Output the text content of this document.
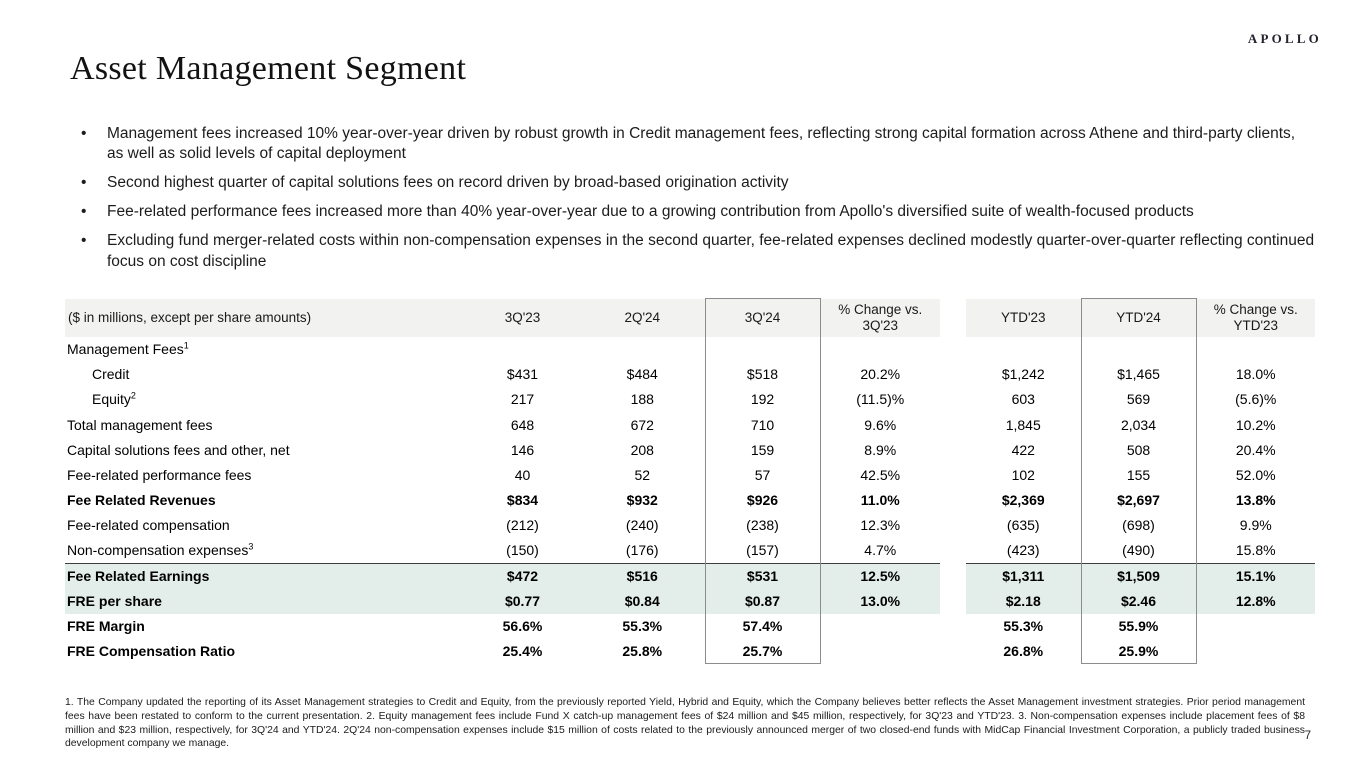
APOLLO
Asset Management Segment
• Management fees increased 10% year-over-year driven by robust growth in Credit management fees, reflecting strong capital formation across Athene and third-party clients, as well as solid levels of capital deployment
• Second highest quarter of capital solutions fees on record driven by broad-based origination activity
• Fee-related performance fees increased more than 40% year-over-year due to a growing contribution from Apollo's diversified suite of wealth-focused products
• Excluding fund merger-related costs within non-compensation expenses in the second quarter, fee-related expenses declined modestly quarter-over-quarter reflecting continued focus on cost discipline
($ in millions, except per share amounts)	3Q'23	2Q'24	3Q'24	% Change vs. 3Q'23		YTD'23	YTD'24	% Change vs. YTD'23
Management Fees$^1$								
Credit	$431	$484	$518	20.2%		$1,242	$1,465	18.0%
Equity$^2$	217	188	192	(11.5)%		603	569	(5.6)%
Total management fees	648	672	710	9.6%		1,845	2,034	10.2%
Capital solutions fees and other, net	146	208	159	8.9%		422	508	20.4%
Fee-related performance fees	40	52	57	42.5%		102	155	52.0%
Fee Related Revenues	$834	$932	$926	11.0%		$2,369	$2,697	13.8%
Fee-related compensation	(212)	(240)	(238)	12.3%		(635)	(698)	9.9%
Non-compensation expenses$^3$	(150)	(176)	(157)	4.7%		(423)	(490)	15.8%
Fee Related Earnings	$472	$516	$531	12.5%		$1,311	$1,509	15.1%
FRE per share	$0.77	$0.84	$0.87	13.0%		$2.18	$2.46	12.8%
FRE Margin	56.6%	55.3%	57.4%			55.3%	55.9%	
FRE Compensation Ratio	25.4%	25.8%	25.7%			26.8%	25.9%	

1. The Company updated the reporting of its Asset Management strategies to Credit and Equity, from the previously reported Yield, Hybrid and Equity, which the Company believes better reflects the Asset Management investment strategies. Prior period management fees have been restated to conform to the current presentation. 2. Equity management fees include Fund X catch-up management fees of $24 million and $45 million, respectively, for 3Q'23 and YTD'23. 3. Non-compensation expenses include placement fees of $8 million and $23 million, respectively, for 3Q'24 and YTD'24. 2Q'24 non-compensation expenses include $15 million of costs related to the previously announced merger of two closed-end funds with MidCap Financial Investment Corporation, a publicly traded business development company we manage.

7
